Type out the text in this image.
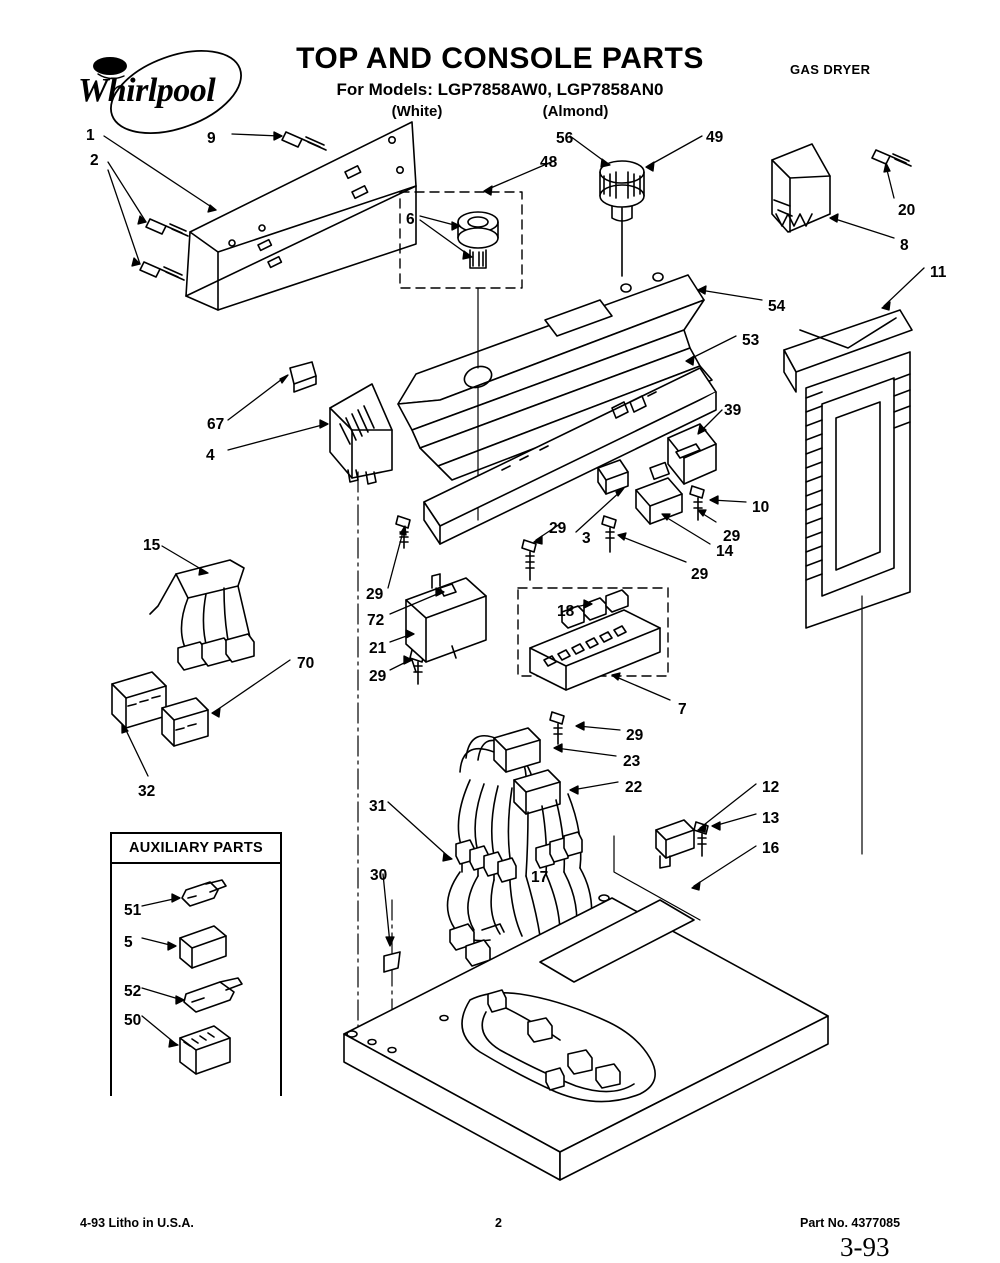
Whirlpool
TOP AND CONSOLE PARTS
For Models: LGP7858AW0, LGP7858AN0
(White)	(Almond)
GAS DRYER
AUXILIARY PARTS
1
2
9
48
56	49
6
20
8
11
54
53
67
4
39
10
29
14
29
3
29
15
29
72
21
29
70
32
18
7
29
23
22	12
13
16
31
17
30
51
5
52
50
4-93 Litho in U.S.A.	2	Part No. 4377085
3-93
